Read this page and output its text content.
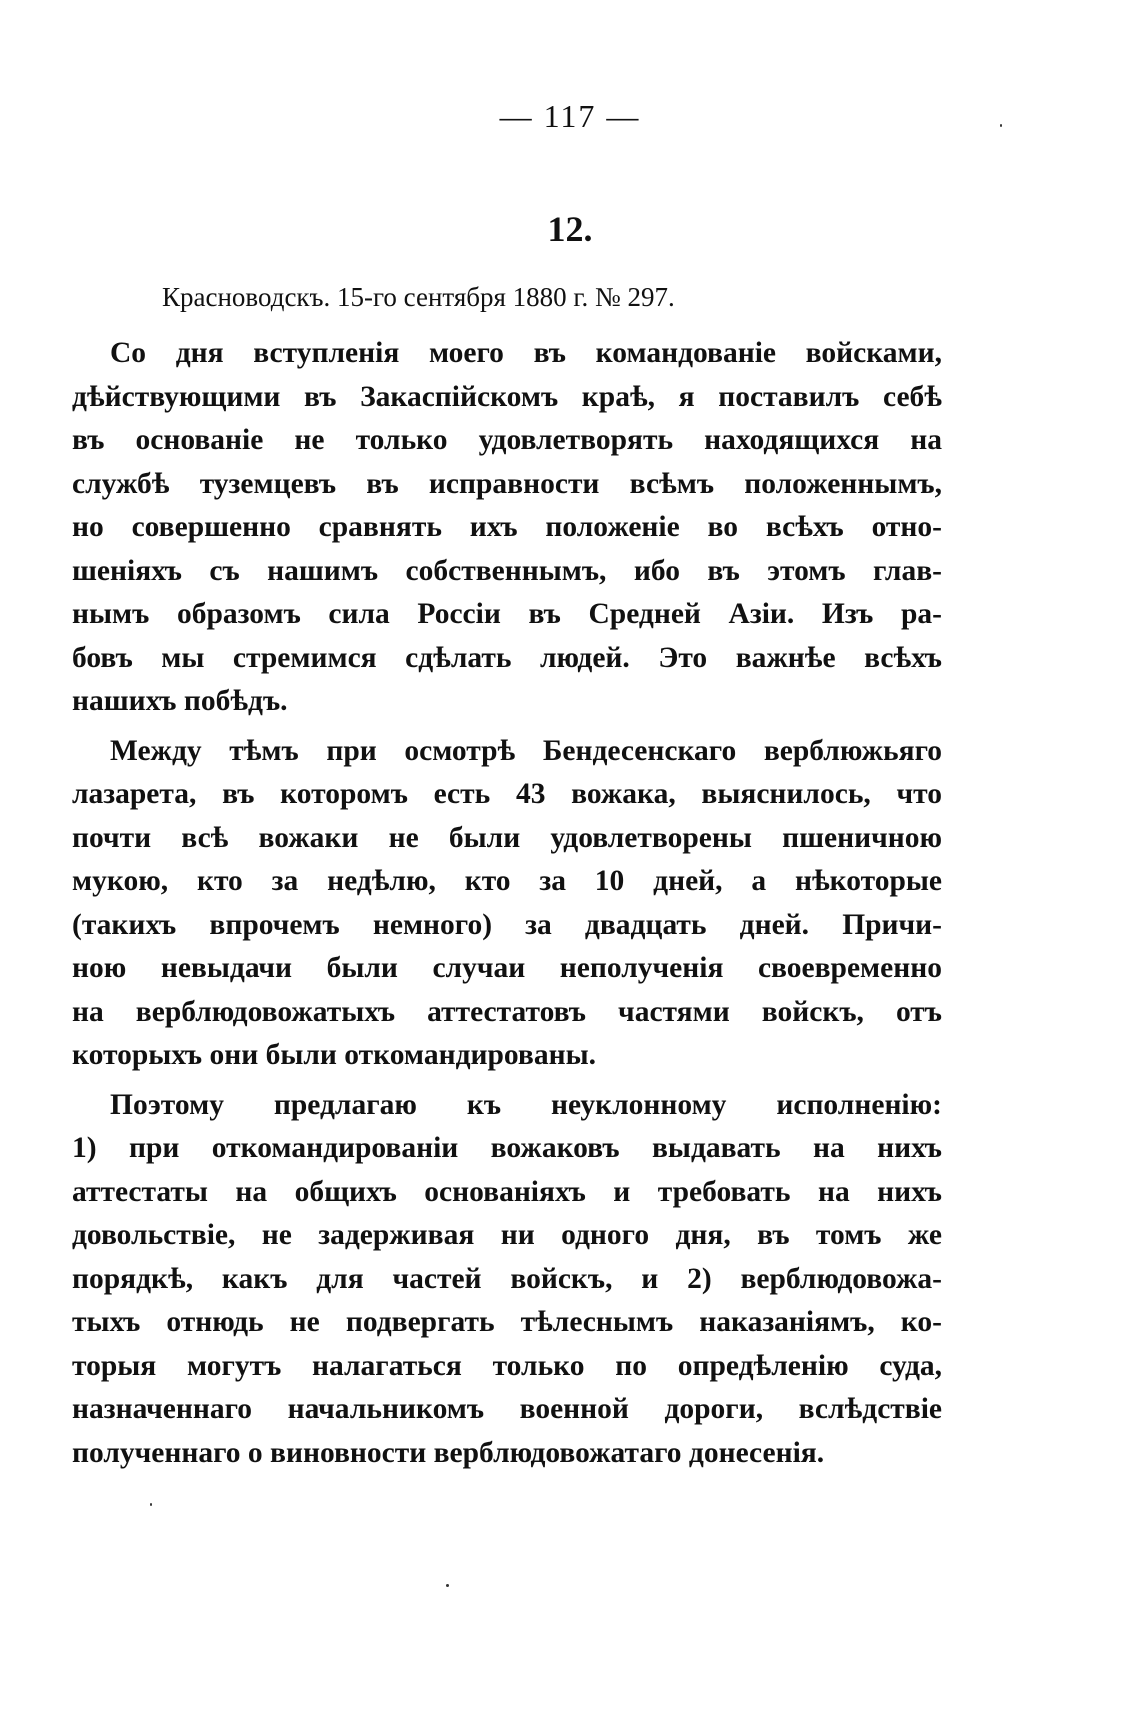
— 117 —
12.
Красноводскъ. 15-го сентября 1880 г. № 297.
Со дня вступленія моего въ командованіе войсками,
дѣйствующими въ Закаспійскомъ краѣ, я поставилъ себѣ
въ основаніе не только удовлетворять находящихся на
службѣ туземцевъ въ исправности всѣмъ положеннымъ,
но совершенно сравнять ихъ положеніе во всѣхъ отно-
шеніяхъ съ нашимъ собственнымъ, ибо въ этомъ глав-
нымъ образомъ сила Россіи въ Средней Азіи. Изъ ра-
бовъ мы стремимся сдѣлать людей. Это важнѣе всѣхъ
нашихъ побѣдъ.
Между тѣмъ при осмотрѣ Бендесенскаго верблюжьяго
лазарета, въ которомъ есть 43 вожака, выяснилось, что
почти всѣ вожаки не были удовлетворены пшеничною
мукою, кто за недѣлю, кто за 10 дней, а нѣкоторые
(такихъ впрочемъ немного) за двадцать дней. Причи-
ною невыдачи были случаи неполученія своевременно
на верблюдовожатыхъ аттестатовъ частями войскъ, отъ
которыхъ они были откомандированы.
Поэтому предлагаю къ неуклонному исполненію:
1) при откомандированіи вожаковъ выдавать на нихъ
аттестаты на общихъ основаніяхъ и требовать на нихъ
довольствіе, не задерживая ни одного дня, въ томъ же
порядкѣ, какъ для частей войскъ, и 2) верблюдовожа-
тыхъ отнюдь не подвергать тѣлеснымъ наказаніямъ, ко-
торыя могутъ налагаться только по опредѣленію суда,
назначеннаго начальникомъ военной дороги, вслѣдствіе
полученнаго о виновности верблюдовожатаго донесенія.
